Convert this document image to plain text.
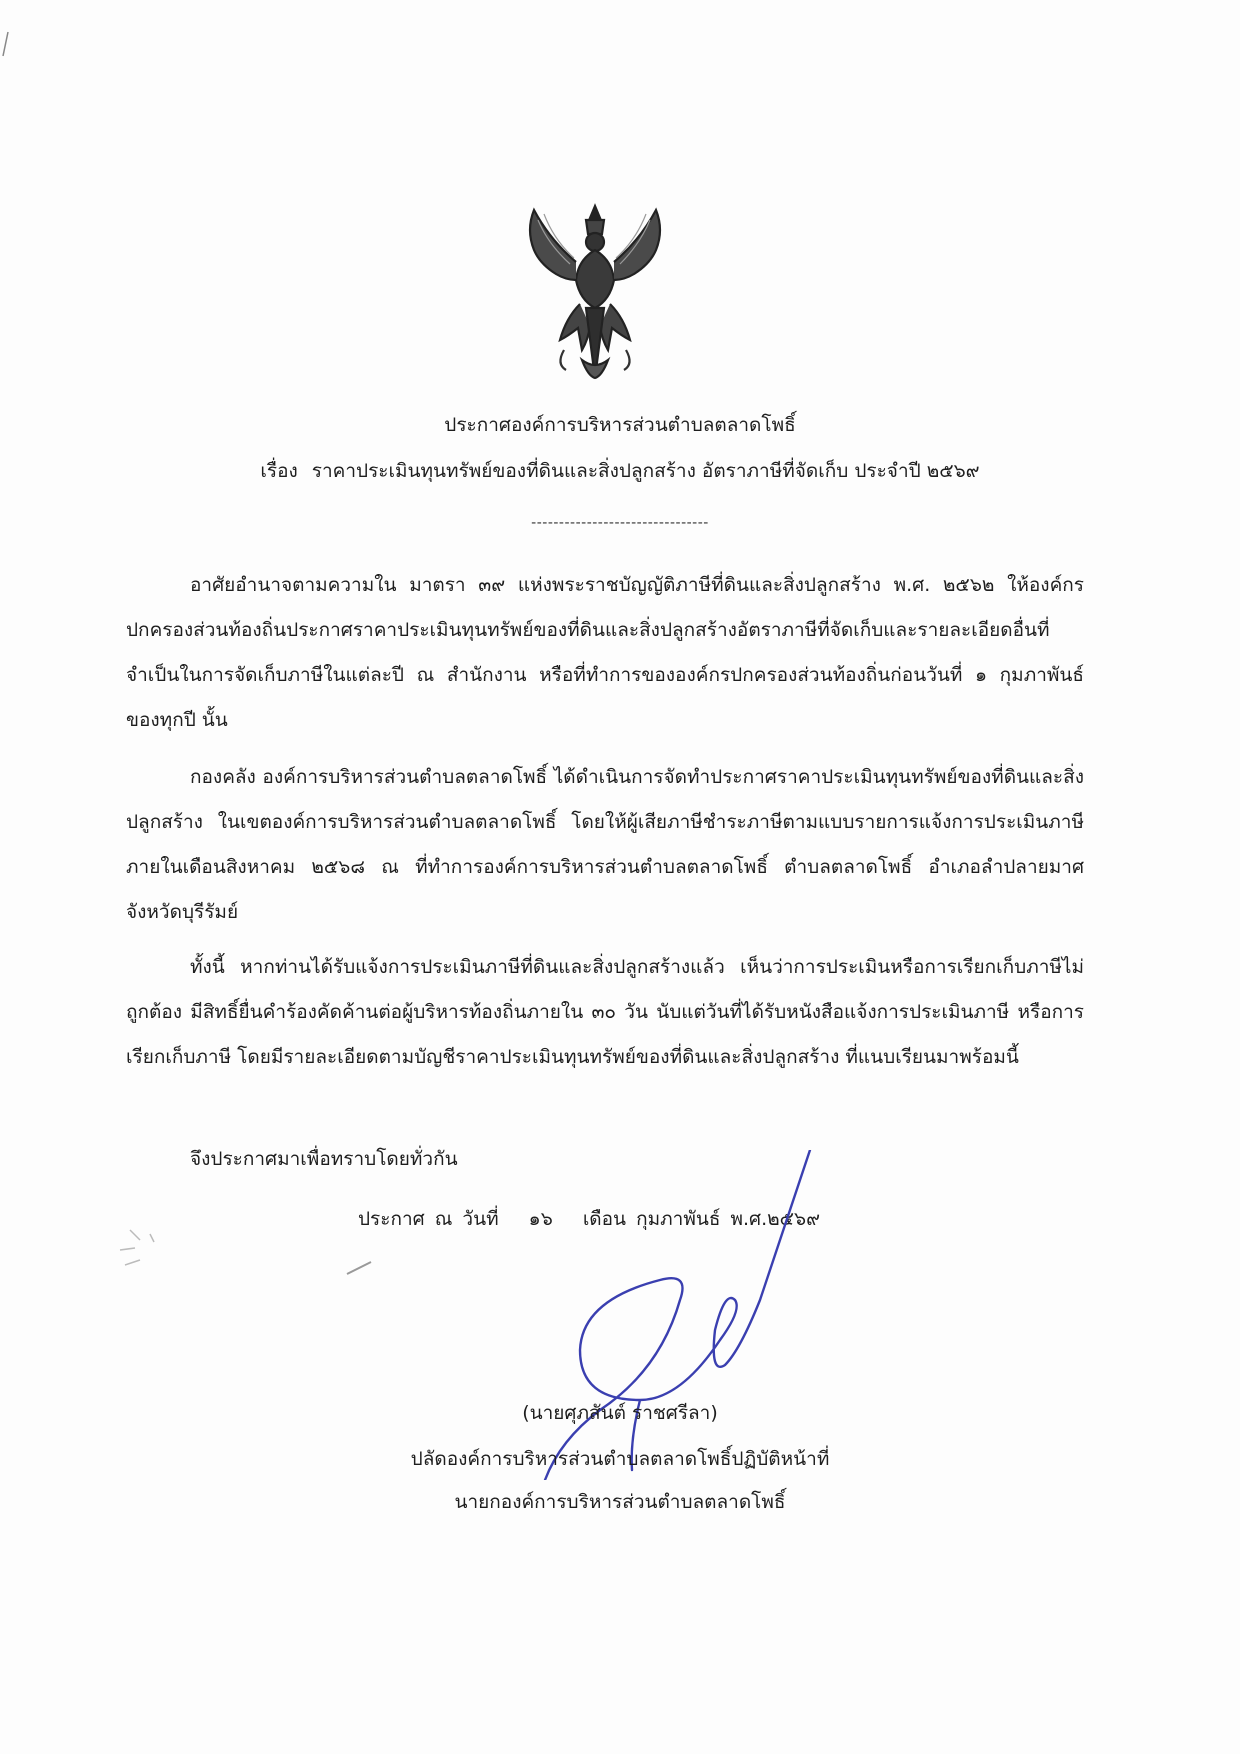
ประกาศองค์การบริหารส่วนตำบลตลาดโพธิ์
เรื่อง ราคาประเมินทุนทรัพย์ของที่ดินและสิ่งปลูกสร้าง อัตราภาษีที่จัดเก็บ ประจำปี ๒๕๖๙
--------------------------------
อาศัยอำนาจตามความใน มาตรา ๓๙ แห่งพระราชบัญญัติภาษีที่ดินและสิ่งปลูกสร้าง พ.ศ. ๒๕๖๒ ให้องค์กรปกครองส่วนท้องถิ่นประกาศราคาประเมินทุนทรัพย์ของที่ดินและสิ่งปลูกสร้างอัตราภาษีที่จัดเก็บและรายละเอียดอื่นที่จำเป็นในการจัดเก็บภาษีในแต่ละปี ณ สำนักงาน หรือที่ทำการขององค์กรปกครองส่วนท้องถิ่นก่อนวันที่ ๑ กุมภาพันธ์ ของทุกปี นั้น
กองคลัง องค์การบริหารส่วนตำบลตลาดโพธิ์ ได้ดำเนินการจัดทำประกาศราคาประเมินทุนทรัพย์ของที่ดินและสิ่งปลูกสร้าง ในเขตองค์การบริหารส่วนตำบลตลาดโพธิ์ โดยให้ผู้เสียภาษีชำระภาษีตามแบบรายการแจ้งการประเมินภาษีภายในเดือนสิงหาคม ๒๕๖๘ ณ ที่ทำการองค์การบริหารส่วนตำบลตลาดโพธิ์ ตำบลตลาดโพธิ์ อำเภอลำปลายมาศ จังหวัดบุรีรัมย์
ทั้งนี้ หากท่านได้รับแจ้งการประเมินภาษีที่ดินและสิ่งปลูกสร้างแล้ว เห็นว่าการประเมินหรือการเรียกเก็บภาษีไม่ถูกต้อง มีสิทธิ์ยื่นคำร้องคัดค้านต่อผู้บริหารท้องถิ่นภายใน ๓๐ วัน นับแต่วันที่ได้รับหนังสือแจ้งการประเมินภาษี หรือการเรียกเก็บภาษี โดยมีรายละเอียดตามบัญชีราคาประเมินทุนทรัพย์ของที่ดินและสิ่งปลูกสร้าง ที่แนบเรียนมาพร้อมนี้
จึงประกาศมาเพื่อทราบโดยทั่วกัน
ประกาศ ณ วันที่ ๑๖ เดือน กุมภาพันธ์ พ.ศ.๒๕๖๙
(นายศุภสันต์ ราชศรีลา)
ปลัดองค์การบริหารส่วนตำบลตลาดโพธิ์ปฏิบัติหน้าที่
นายกองค์การบริหารส่วนตำบลตลาดโพธิ์
